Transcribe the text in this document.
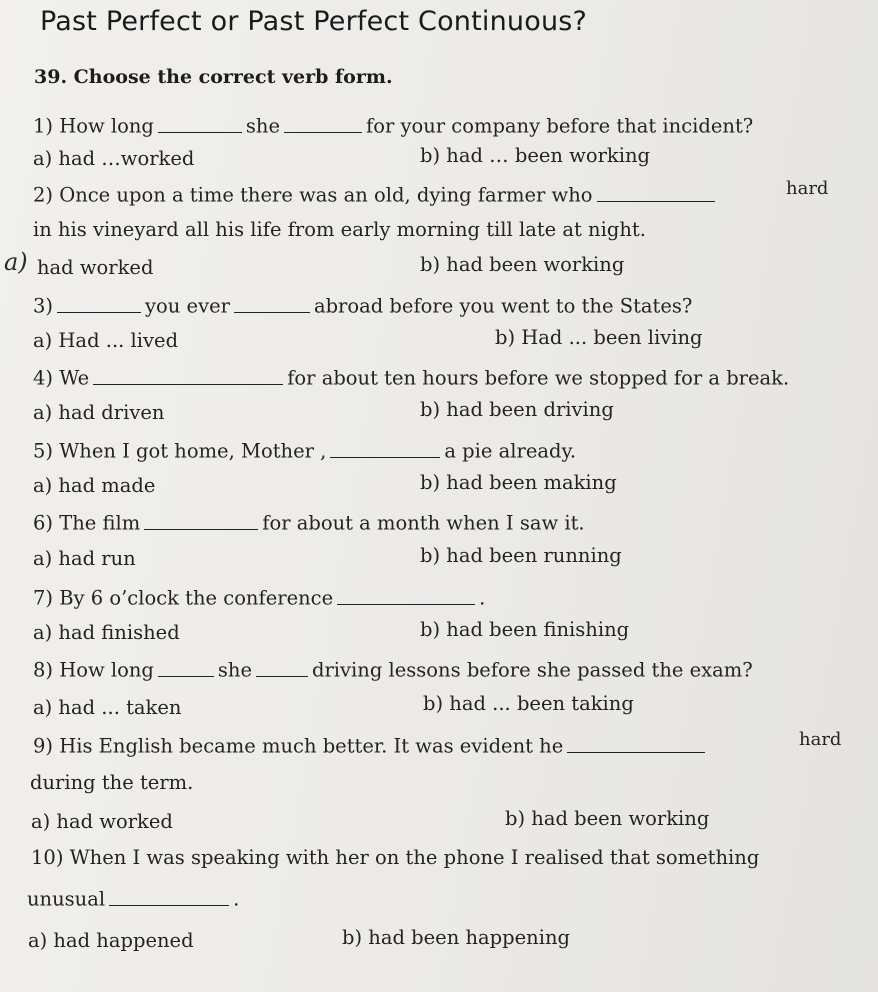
Past Perfect or Past Perfect Continuous?
39. Choose the correct verb form.
1) How long	she	for your company before that incident?
a) had …worked	b) had … been working
2) Once upon a time there was an old, dying farmer who	hard
in his vineyard all his life from early morning till late at night.
a) had worked	b) had been working
3)	you ever	abroad before you went to the States?
a) Had ... lived	b) Had ... been living
4) We	for about ten hours before we stopped for a break.
a) had driven	b) had been driving
5) When I got home, Mother ,	a pie already.
a) had made	b) had been making
6) The film	for about a month when I saw it.
a) had run	b) had been running
7) By 6 o’clock the conference	.
a) had finished	b) had been finishing
8) How long	she	driving lessons before she passed the exam?
a) had ... taken	b) had ... been taking
9) His English became much better. It was evident he	hard
during the term.
a) had worked	b) had been working
10) When I was speaking with her on the phone I realised that something
unusual	.
a) had happened	b) had been happening
